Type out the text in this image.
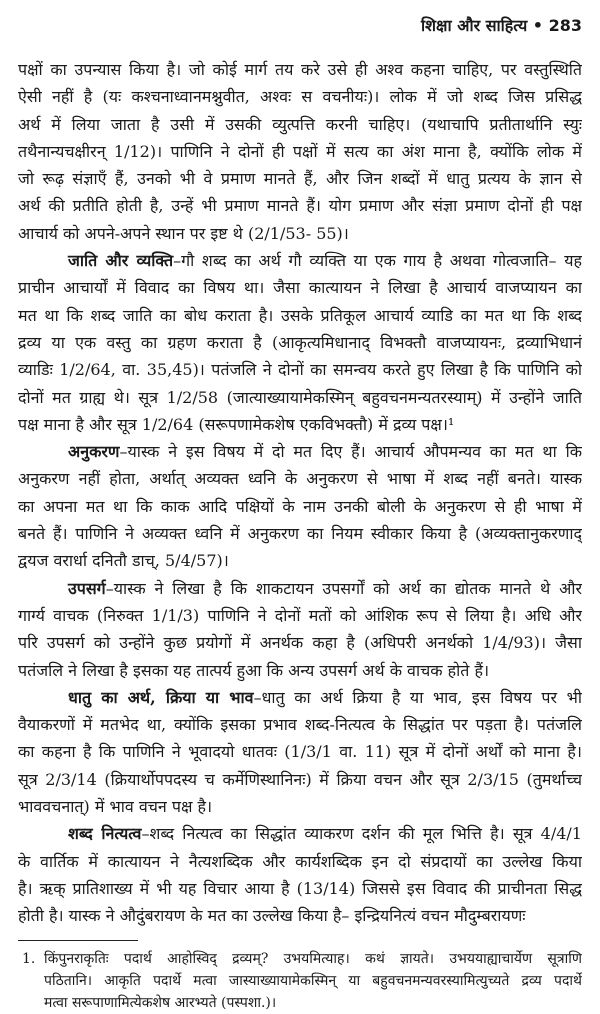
शिक्षा और साहित्य • 283
पक्षों का उपन्यास किया है। जो कोई मार्ग तय करे उसे ही अश्व कहना चाहिए, पर वस्तुस्थिति
ऐसी नहीं है (यः कश्चनाध्वानमश्नुवीत, अश्वः स वचनीयः)। लोक में जो शब्द जिस प्रसिद्ध
अर्थ में लिया जाता है उसी में उसकी व्युत्पत्ति करनी चाहिए। (यथाचापि प्रतीतार्थानि स्युः
तथैनान्यचक्षीरन् 1/12)। पाणिनि ने दोनों ही पक्षों में सत्य का अंश माना है, क्योंकि लोक में
जो रूढ़ संज्ञाएँ हैं, उनको भी वे प्रमाण मानते हैं, और जिन शब्दों में धातु प्रत्यय के ज्ञान से
अर्थ की प्रतीति होती है, उन्हें भी प्रमाण मानते हैं। योग प्रमाण और संज्ञा प्रमाण दोनों ही पक्ष
आचार्य को अपने-अपने स्थान पर इष्ट थे (2/1/53- 55)।
जाति और व्यक्ति–गौ शब्द का अर्थ गौ व्यक्ति या एक गाय है अथवा गोत्वजाति– यह
प्राचीन आचार्यों में विवाद का विषय था। जैसा कात्यायन ने लिखा है आचार्य वाजप्यायन का
मत था कि शब्द जाति का बोध कराता है। उसके प्रतिकूल आचार्य व्याडि का मत था कि शब्द
द्रव्य या एक वस्तु का ग्रहण कराता है (आकृत्यमिधानाद् विभक्तौ वाजप्यायनः, द्रव्याभिधानं
व्याडिः 1/2/64, वा. 35,45)। पतंजलि ने दोनों का समन्वय करते हुए लिखा है कि पाणिनि को
दोनों मत ग्राह्य थे। सूत्र 1/2/58 (जात्याख्यायामेकस्मिन् बहुवचनमन्यतरस्याम्) में उन्होंने जाति
पक्ष माना है और सूत्र 1/2/64 (सरूपणामेकशेष एकविभक्तौ) में द्रव्य पक्ष।¹
अनुकरण–यास्क ने इस विषय में दो मत दिए हैं। आचार्य औपमन्यव का मत था कि
अनुकरण नहीं होता, अर्थात् अव्यक्त ध्वनि के अनुकरण से भाषा में शब्द नहीं बनते। यास्क
का अपना मत था कि काक आदि पक्षियों के नाम उनकी बोली के अनुकरण से ही भाषा में
बनते हैं। पाणिनि ने अव्यक्त ध्वनि में अनुकरण का नियम स्वीकार किया है (अव्यक्तानुकरणाद्
द्वयज वरार्धा दनितौ डाच्, 5/4/57)।
उपसर्ग–यास्क ने लिखा है कि शाकटायन उपसर्गों को अर्थ का द्योतक मानते थे और
गार्ग्य वाचक (निरुक्त 1/1/3) पाणिनि ने दोनों मतों को आंशिक रूप से लिया है। अधि और
परि उपसर्ग को उन्होंने कुछ प्रयोगों में अनर्थक कहा है (अधिपरी अनर्थको 1/4/93)। जैसा
पतंजलि ने लिखा है इसका यह तात्पर्य हुआ कि अन्य उपसर्ग अर्थ के वाचक होते हैं।
धातु का अर्थ, क्रिया या भाव–धातु का अर्थ क्रिया है या भाव, इस विषय पर भी
वैयाकरणों में मतभेद था, क्योंकि इसका प्रभाव शब्द-नित्यत्व के सिद्धांत पर पड़ता है। पतंजलि
का कहना है कि पाणिनि ने भूवादयो धातवः (1/3/1 वा. 11) सूत्र में दोनों अर्थों को माना है।
सूत्र 2/3/14 (क्रियार्थोपपदस्य च कर्मेणिस्थानिनः) में क्रिया वचन और सूत्र 2/3/15 (तुमर्थाच्च
भाववचनात्) में भाव वचन पक्ष है।
शब्द नित्यत्व–शब्द नित्यत्व का सिद्धांत व्याकरण दर्शन की मूल भित्ति है। सूत्र 4/4/1
के वार्तिक में कात्यायन ने नैत्यशब्दिक और कार्यशब्दिक इन दो संप्रदायों का उल्लेख किया
है। ऋक् प्रातिशाख्य में भी यह विचार आया है (13/14) जिससे इस विवाद की प्राचीनता सिद्ध
होती है। यास्क ने औदुंबरायण के मत का उल्लेख किया है– इन्द्रियनित्यं वचन मौदुम्बरायणः
1. किंपुनराकृतिः पदार्थ आहोस्विद् द्रव्यम्? उभयमित्याह। कथं ज्ञायते। उभययाह्याचार्येण सूत्राणि
पठितानि। आकृति पदार्थे मत्वा जास्याख्यायामेकस्मिन् या बहुवचनमन्यवरस्यामित्युच्यते द्रव्य पदार्थे
मत्वा सरूपाणामित्येकशेष आरभ्यते (पस्पशा.)।
